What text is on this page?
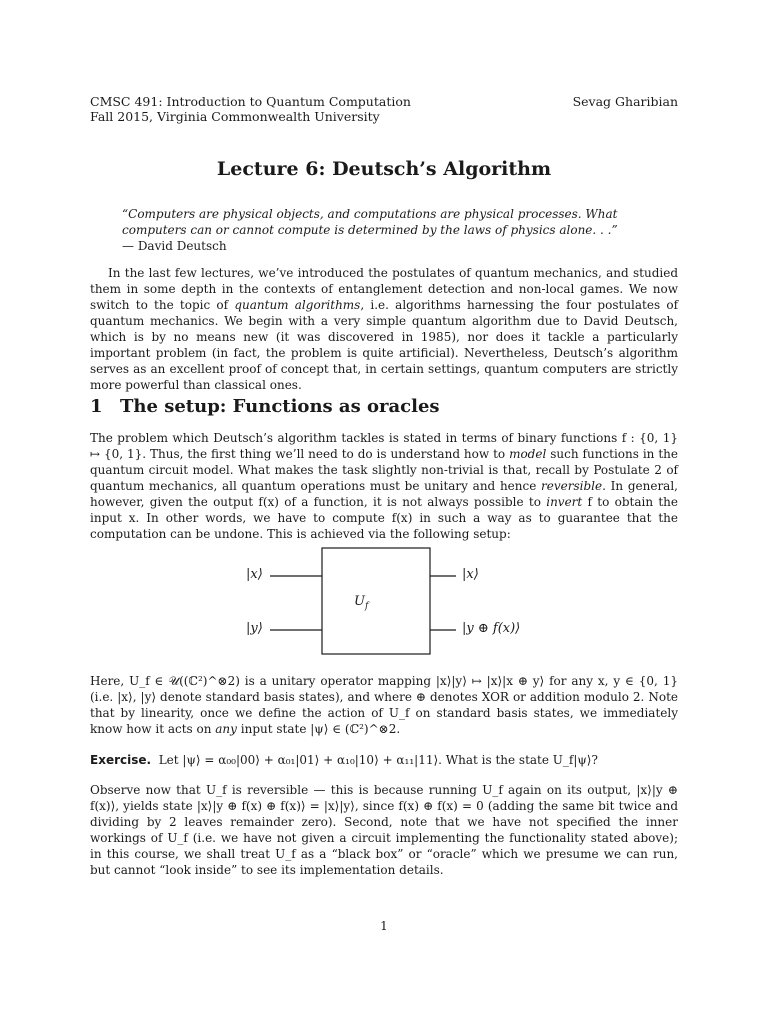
CMSC 491: Introduction to Quantum Computation
Fall 2015, Virginia Commonwealth University
Sevag Gharibian
Lecture 6: Deutsch’s Algorithm
“Computers are physical objects, and computations are physical processes. What computers can or cannot compute is determined by the laws of physics alone. . .”
— David Deutsch

In the last few lectures, we’ve introduced the postulates of quantum mechanics, and studied them in some depth in the contexts of entanglement detection and non-local games. We now switch to the topic of quantum algorithms, i.e. algorithms harnessing the four postulates of quantum mechanics. We begin with a very simple quantum algorithm due to David Deutsch, which is by no means new (it was discovered in 1985), nor does it tackle a particularly important problem (in fact, the problem is quite artificial). Nevertheless, Deutsch’s algorithm serves as an excellent proof of concept that, in certain settings, quantum computers are strictly more powerful than classical ones.

1 The setup: Functions as oracles

The problem which Deutsch’s algorithm tackles is stated in terms of binary functions f : {0, 1} ↦ {0, 1}. Thus, the first thing we’ll need to do is understand how to model such functions in the quantum circuit model. What makes the task slightly non-trivial is that, recall by Postulate 2 of quantum mechanics, all quantum operations must be unitary and hence reversible. In general, however, given the output f(x) of a function, it is not always possible to invert f to obtain the input x. In other words, we have to compute f(x) in such a way as to guarantee that the computation can be undone. This is achieved via the following setup:

|x⟩
|y⟩
|x⟩
|y ⊕ f(x)⟩
$U_f$

Here, U_f ∈ 𝒰((ℂ²)^⊗2) is a unitary operator mapping |x⟩|y⟩ ↦ |x⟩|x ⊕ y⟩ for any x, y ∈ {0, 1} (i.e. |x⟩, |y⟩ denote standard basis states), and where ⊕ denotes XOR or addition modulo 2. Note that by linearity, once we define the action of U_f on standard basis states, we immediately know how it acts on any input state |ψ⟩ ∈ (ℂ²)^⊗2.

Exercise. Let |ψ⟩ = α₀₀|00⟩ + α₀₁|01⟩ + α₁₀|10⟩ + α₁₁|11⟩. What is the state U_f|ψ⟩?

Observe now that U_f is reversible — this is because running U_f again on its output, |x⟩|y ⊕ f(x)⟩, yields state |x⟩|y ⊕ f(x) ⊕ f(x)⟩ = |x⟩|y⟩, since f(x) ⊕ f(x) = 0 (adding the same bit twice and dividing by 2 leaves remainder zero). Second, note that we have not specified the inner workings of U_f (i.e. we have not given a circuit implementing the functionality stated above); in this course, we shall treat U_f as a “black box” or “oracle” which we presume we can run, but cannot “look inside” to see its implementation details.

1
